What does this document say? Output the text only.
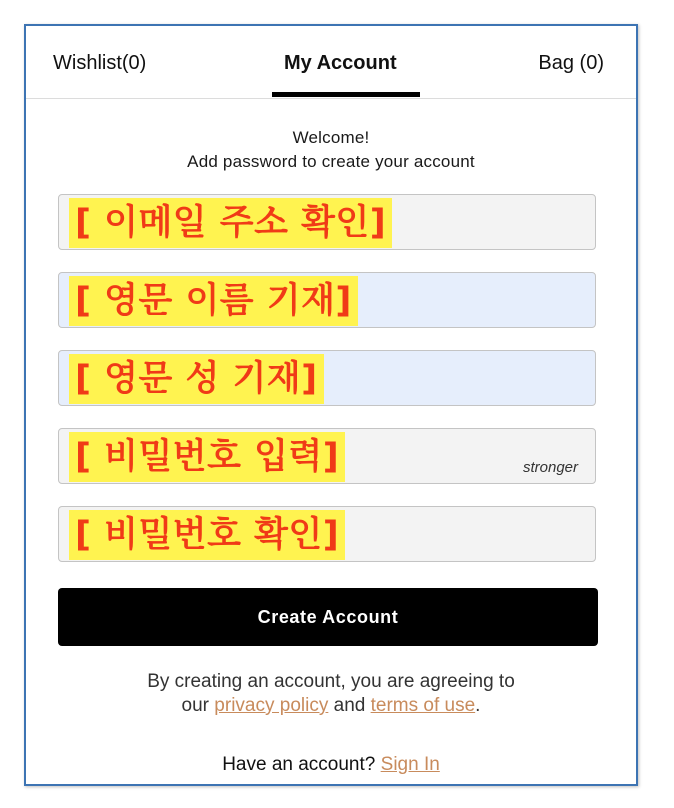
Wishlist(0)	My Account	Bag (0)
Welcome!
Add password to create your account
[ 이메일 주소 확인]
[ 영문 이름 기재]
[ 영문 성 기재]
[ 비밀번호 입력]	stronger
[ 비밀번호 확인]
Create Account
By creating an account, you are agreeing to
our privacy policy and terms of use.
Have an account? Sign In
